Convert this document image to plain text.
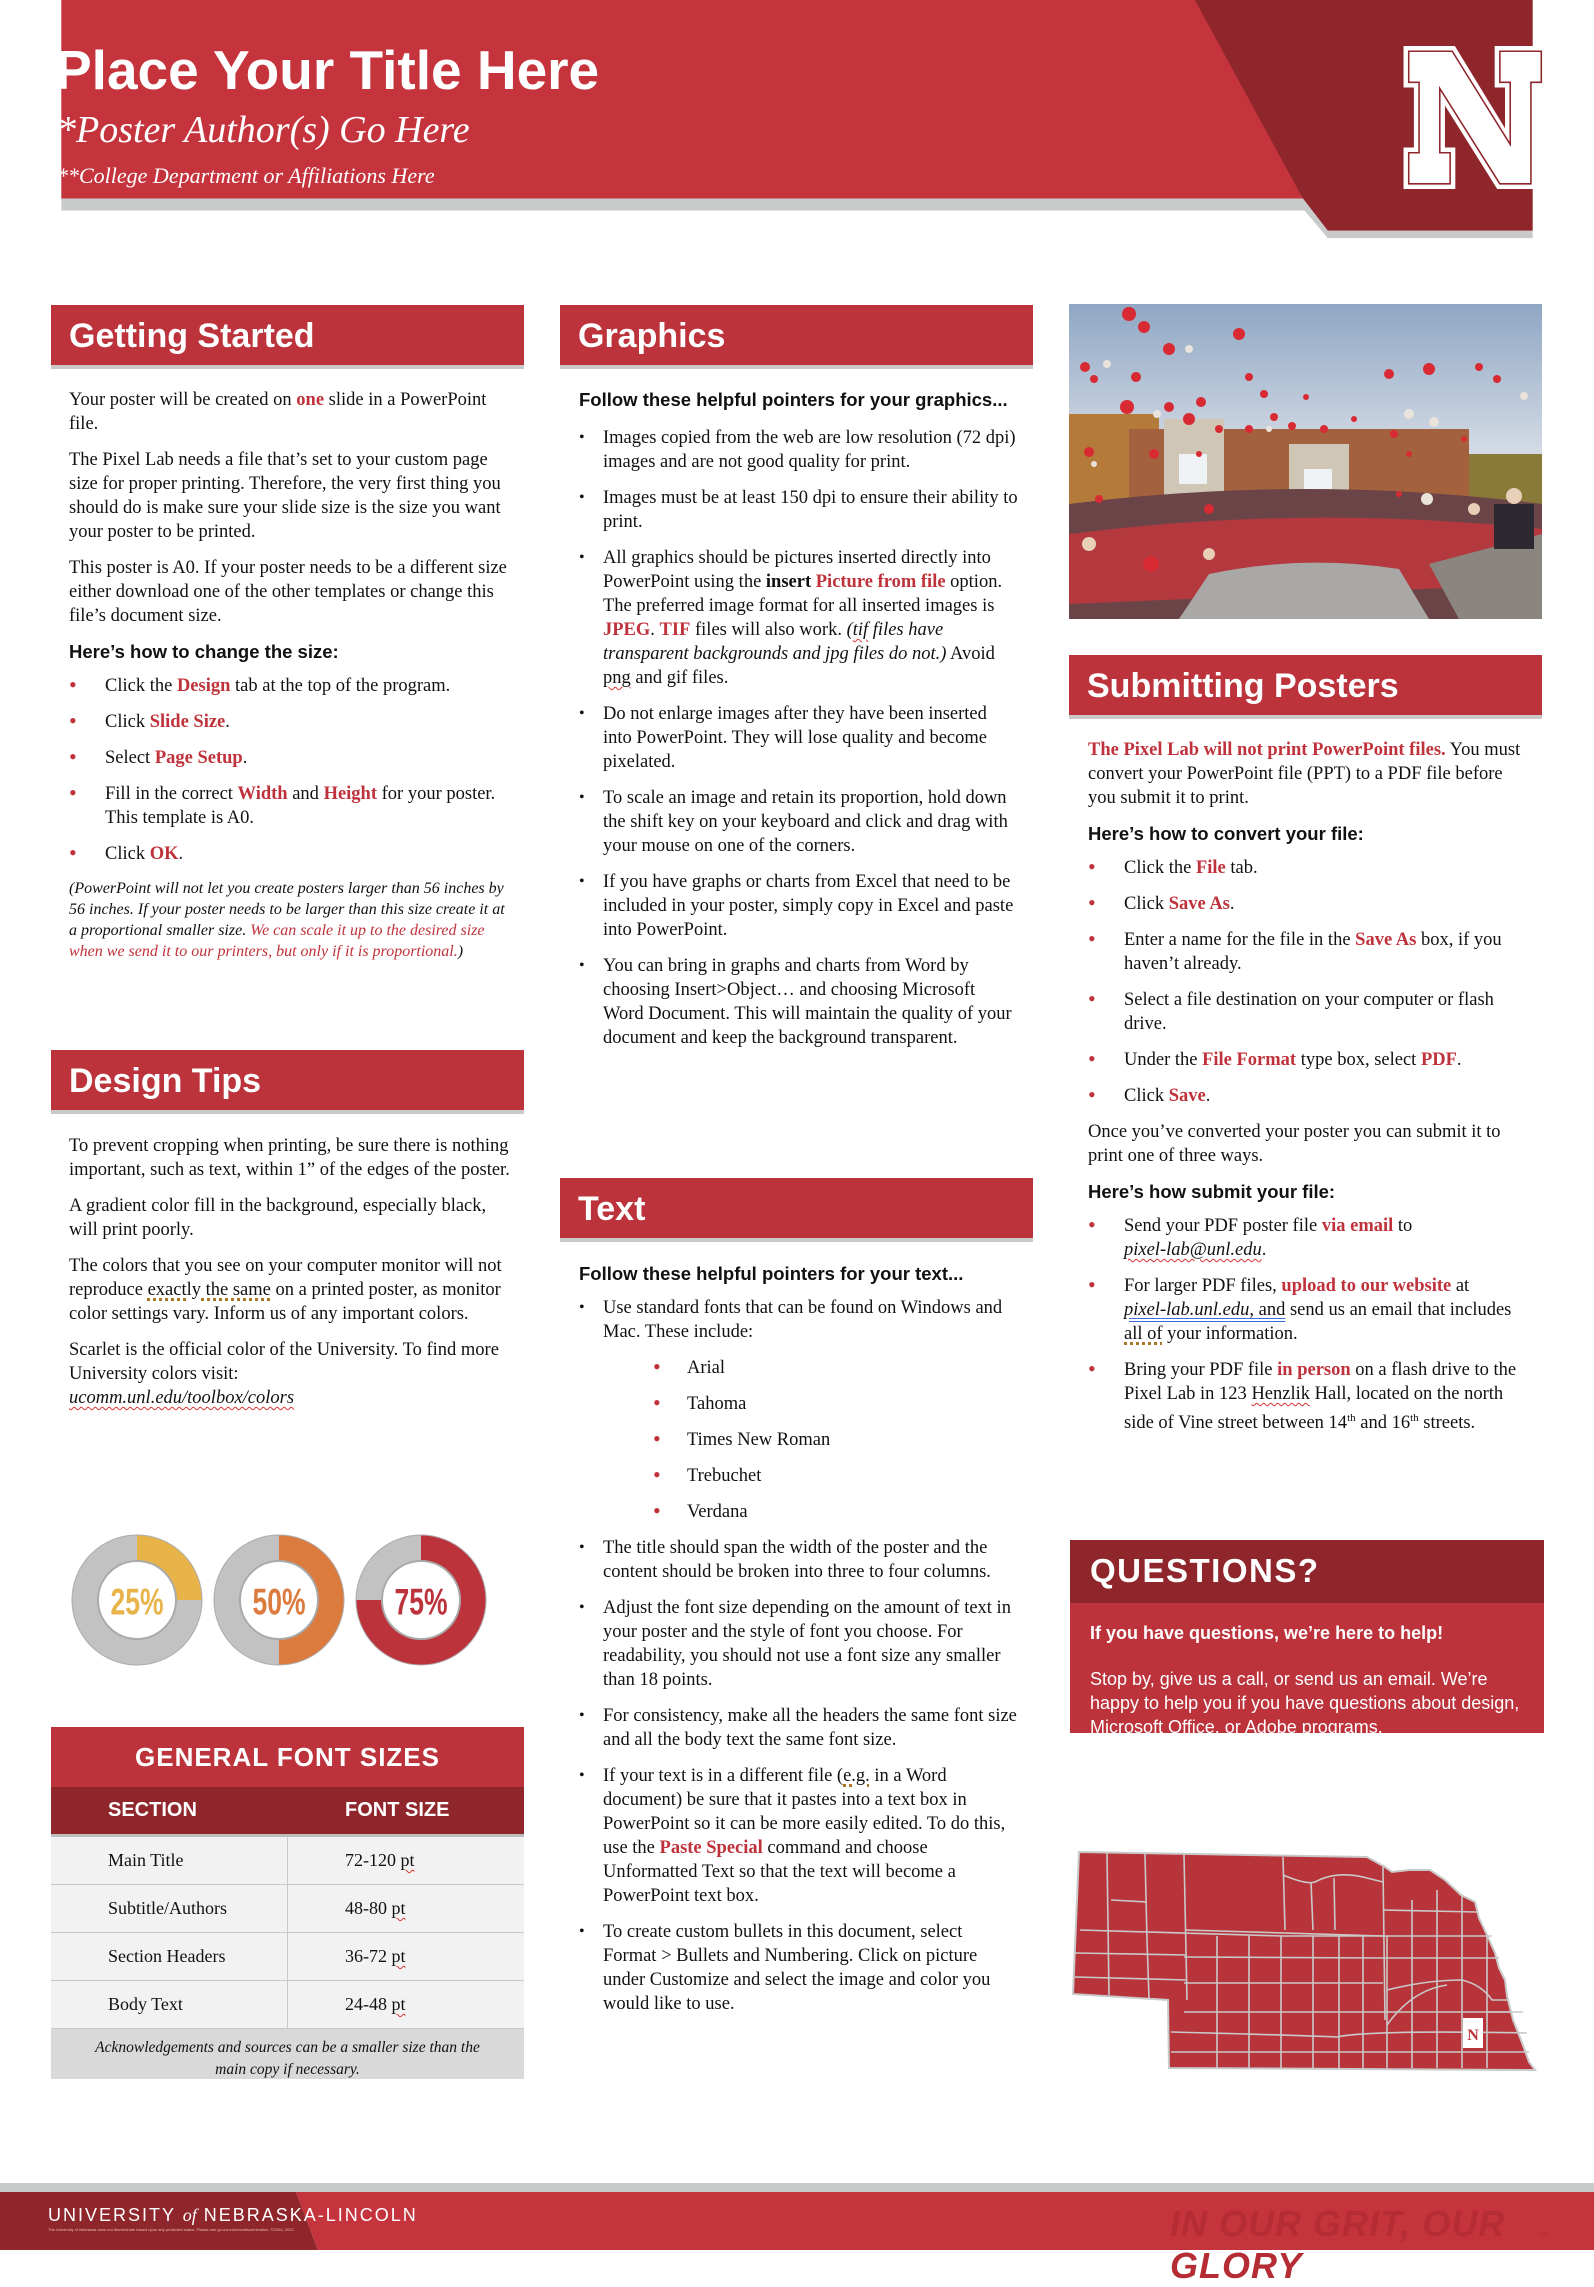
Place Your Title Here
*Poster Author(s) Go Here
**College Department or Affiliations Here	®
Getting Started

Your poster will be created on one slide in a PowerPoint file.

The Pixel Lab needs a file that’s set to your custom page size for proper printing. Therefore, the very first thing you should do is make sure your slide size is the size you want your poster to be printed.

This poster is A0. If your poster needs to be a different size either download one of the other templates or change this file’s document size.

Here’s how to change the size:
• Click the Design tab at the top of the program.
• Click Slide Size.
• Select Page Setup.
• Fill in the correct Width and Height for your poster. This template is A0.
• Click OK.
(PowerPoint will not let you create posters larger than 56 inches by 56 inches. If your poster needs to be larger than this size create it at a proportional smaller size. We can scale it up to the desired size when we send it to our printers, but only if it is proportional.)
Design Tips

To prevent cropping when printing, be sure there is nothing important, such as text, within 1” of the edges of the poster.

A gradient color fill in the background, especially black, will print poorly.

The colors that you see on your computer monitor will not reproduce exactly the same on a printed poster, as monitor color settings vary. Inform us of any important colors.

Scarlet is the official color of the University. To find more University colors visit:
ucomm.unl.edu/toolbox/colors

25%	50%	75%
GENERAL FONT SIZES
SECTION	FONT SIZE
Main Title	72-120 pt
Subtitle/Authors	48-80 pt
Section Headers	36-72 pt
Body Text	24-48 pt
Acknowledgements and sources can be a smaller size than the main copy if necessary.
Graphics
Follow these helpful pointers for your graphics...
• Images copied from the web are low resolution (72 dpi) images and are not good quality for print.
• Images must be at least 150 dpi to ensure their ability to print.
• All graphics should be pictures inserted directly into PowerPoint using the insert Picture from file option. The preferred image format for all inserted images is JPEG. TIF files will also work. (tif files have transparent backgrounds and jpg files do not.) Avoid png and gif files.
• Do not enlarge images after they have been inserted into PowerPoint. They will lose quality and become pixelated.
• To scale an image and retain its proportion, hold down the shift key on your keyboard and click and drag with your mouse on one of the corners.
• If you have graphs or charts from Excel that need to be included in your poster, simply copy in Excel and paste into PowerPoint.
• You can bring in graphs and charts from Word by choosing Insert>Object… and choosing Microsoft Word Document. This will maintain the quality of your document and keep the background transparent.
Text
Follow these helpful pointers for your text...
• Use standard fonts that can be found on Windows and Mac. These include:
• Arial
• Tahoma
• Times New Roman
• Trebuchet
• Verdana
• The title should span the width of the poster and the content should be broken into three to four columns.
• Adjust the font size depending on the amount of text in your poster and the style of font you choose. For readability, you should not use a font size any smaller than 18 points.
• For consistency, make all the headers the same font size and all the body text the same font size.
• If your text is in a different file (e.g. in a Word document) be sure that it pastes into a text box in PowerPoint so it can be more easily edited. To do this, use the Paste Special command and choose Unformatted Text so that the text will become a PowerPoint text box.
• To create custom bullets in this document, select Format > Bullets and Numbering. Click on picture under Customize and select the image and color you would like to use.
Submitting Posters

The Pixel Lab will not print PowerPoint files. You must convert your PowerPoint file (PPT) to a PDF file before you submit it to print.

Here’s how to convert your file:
• Click the File tab.
• Click Save As.
• Enter a name for the file in the Save As box, if you haven’t already.
• Select a file destination on your computer or flash drive.
• Under the File Format type box, select PDF.
• Click Save.

Once you’ve converted your poster you can submit it to print one of three ways.

Here’s how submit your file:
• Send your PDF poster file via email to
pixel-lab@unl.edu.
• For larger PDF files, upload to our website at
pixel-lab.unl.edu, and send us an email that includes all of your information.
• Bring your PDF file in person on a flash drive to the Pixel Lab in 123 Henzlik Hall, located on the north side of Vine street between 14th and 16th streets.
QUESTIONS?

If you have questions, we’re here to help!

Stop by, give us a call, or send us an email. We’re happy to help you if you have questions about design, Microsoft Office, or Adobe programs.

N
UNIVERSITY of NEBRASKA-LINCOLN
The University of Nebraska does not discriminate based upon any protected status. Please see go.unl.edu/nondiscrimination. ©2020, 2022.	IN OUR GRIT, OUR GLORY
TM
